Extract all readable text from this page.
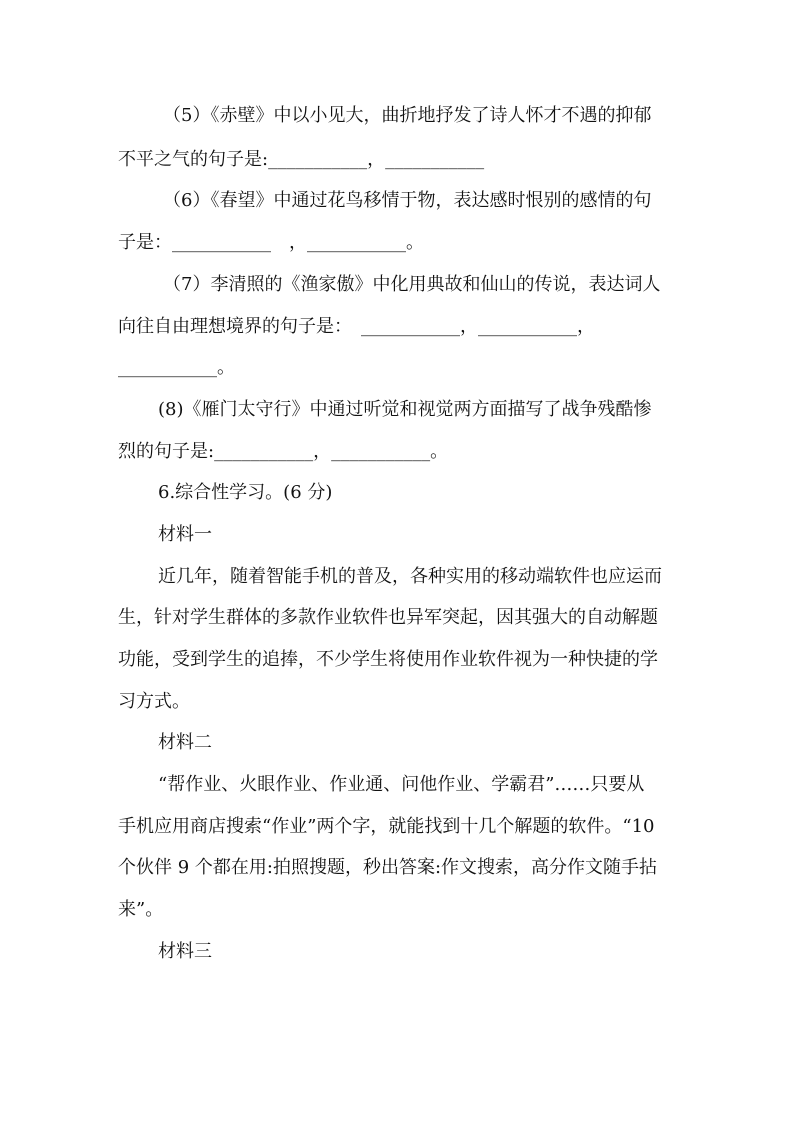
（5）《赤壁》中以小见大，曲折地抒发了诗人怀才不遇的抑郁
不平之气的句子是:___________，___________
（6）《春望》中通过花鸟移情于物，表达感时恨别的感情的句
子是：___________　，___________。
（7）李清照的《渔家傲》中化用典故和仙山的传说，表达词人
向往自由理想境界的句子是：　___________，___________，
___________。
(8)《雁门太守行》中通过听觉和视觉两方面描写了战争残酷惨
烈的句子是:___________，___________。
6.综合性学习。(6 分)
材料一
近几年，随着智能手机的普及，各种实用的移动端软件也应运而
生，针对学生群体的多款作业软件也异军突起，因其强大的自动解题
功能，受到学生的追捧，不少学生将使用作业软件视为一种快捷的学
习方式。
材料二
“帮作业、火眼作业、作业通、问他作业、学霸君”……只要从
手机应用商店搜索“作业”两个字，就能找到十几个解题的软件。“10
个伙伴 9 个都在用:拍照搜题，秒出答案:作文搜索，高分作文随手拈
来”。
材料三
